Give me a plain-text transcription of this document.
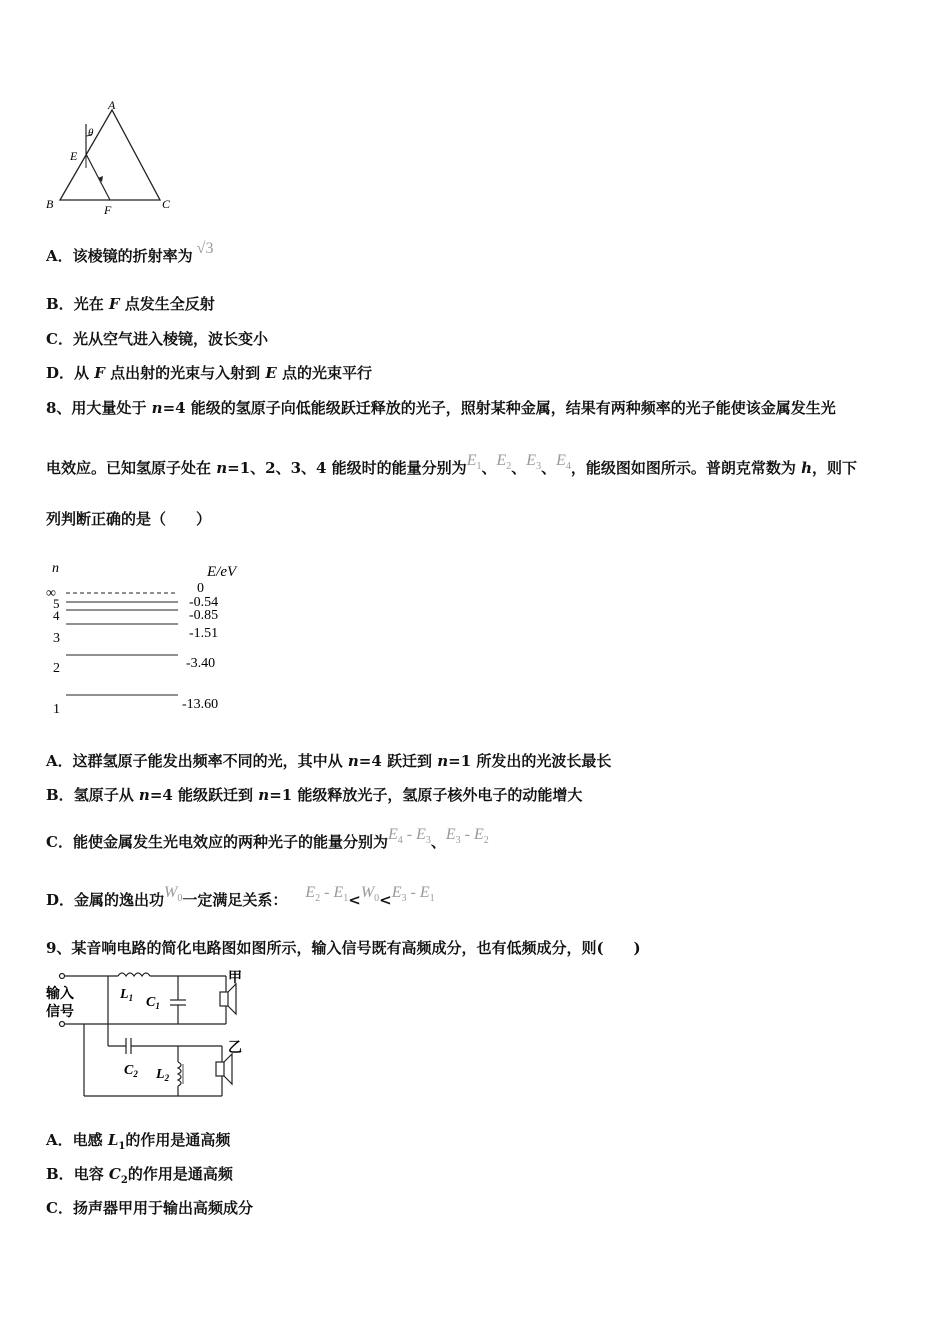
A
θ
E
B	F	C
A．该棱镜的折射率为 √3
B．光在 F 点发生全反射
C．光从空气进入棱镜，波长变小
D．从 F 点出射的光束与入射到 E 点的光束平行
8、用大量处于 n=4 能级的氢原子向低能级跃迁释放的光子，照射某种金属，结果有两种频率的光子能使该金属发生光
电效应。已知氢原子处在 n=1、2、3、4 能级时的能量分别为$E_1$、$E_2$、$E_3$、$E_4$，能级图如图所示。普朗克常数为 h，则下
列判断正确的是（　　）
n	E/eV
∞
5
4
3
2
1
0
-0.54
-0.85
-1.51
-3.40
-13.60
A．这群氢原子能发出频率不同的光，其中从 n=4 跃迁到 n=1 所发出的光波长最长
B．氢原子从 n=4 能级跃迁到 n=1 能级释放光子，氢原子核外电子的动能增大
C．能使金属发生光电效应的两种光子的能量分别为$E_4 - E_3$、$E_3 - E_2$
D．金属的逸出功$W_0$一定满足关系： $E_2 - E_1<W_0<E_3 - E_1$
9、某音响电路的简化电路图如图所示，输入信号既有高频成分，也有低频成分，则(　　)
输入
信号
$L_1$ $C_1$
$C_2$ $L_2$
甲
乙
A．电感 $L_1$的作用是通高频
B．电容 $C_2$的作用是通高频
C．扬声器甲用于输出高频成分
